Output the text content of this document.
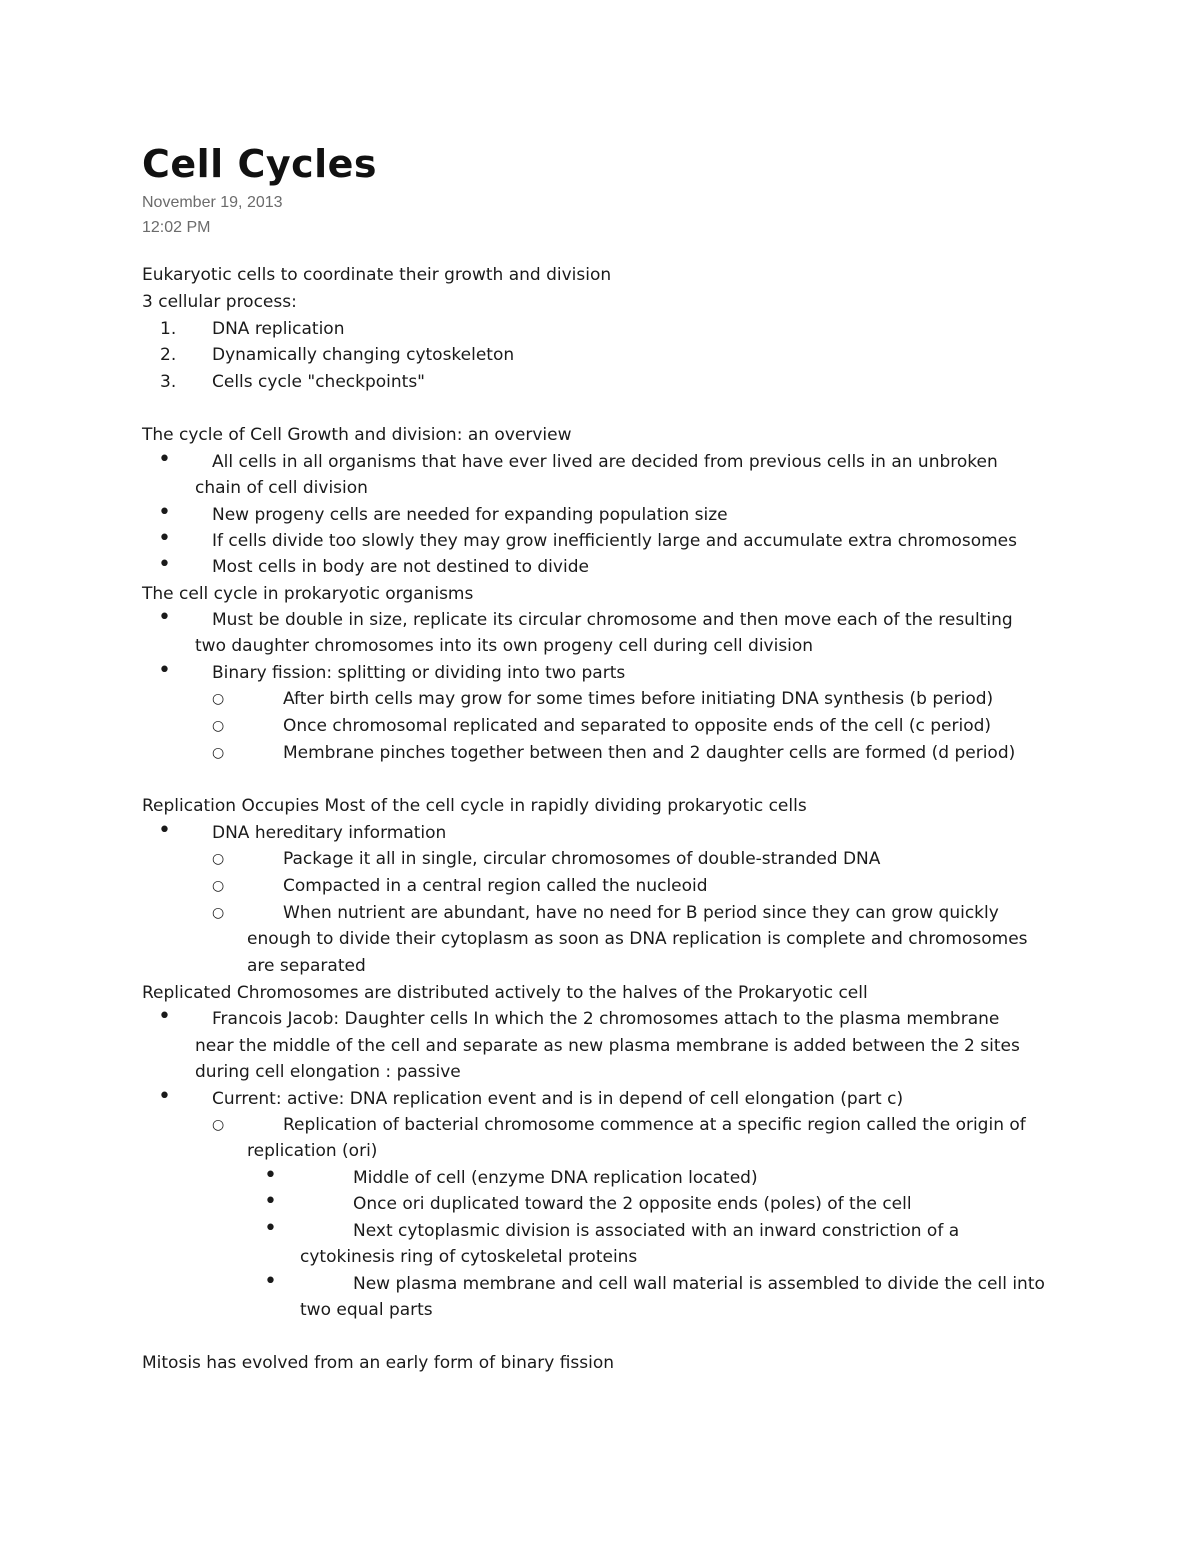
Cell Cycles
November 19, 2013
12:02 PM
Eukaryotic cells to coordinate their growth and division
3 cellular process:
1. DNA replication
2. Dynamically changing cytoskeleton
3. Cells cycle "checkpoints"
The cycle of Cell Growth and division: an overview
• All cells in all organisms that have ever lived are decided from previous cells in an unbroken
chain of cell division
• New progeny cells are needed for expanding population size
• If cells divide too slowly they may grow inefficiently large and accumulate extra chromosomes
• Most cells in body are not destined to divide
The cell cycle in prokaryotic organisms
• Must be double in size, replicate its circular chromosome and then move each of the resulting
two daughter chromosomes into its own progeny cell during cell division
• Binary fission: splitting or dividing into two parts
○	After birth cells may grow for some times before initiating DNA synthesis (b period)
○	Once chromosomal replicated and separated to opposite ends of the cell (c period)
○	Membrane pinches together between then and 2 daughter cells are formed (d period)
Replication Occupies Most of the cell cycle in rapidly dividing prokaryotic cells
• DNA hereditary information
○	Package it all in single, circular chromosomes of double-stranded DNA
○	Compacted in a central region called the nucleoid
○	When nutrient are abundant, have no need for B period since they can grow quickly
enough to divide their cytoplasm as soon as DNA replication is complete and chromosomes
are separated
Replicated Chromosomes are distributed actively to the halves of the Prokaryotic cell
• Francois Jacob: Daughter cells In which the 2 chromosomes attach to the plasma membrane
near the middle of the cell and separate as new plasma membrane is added between the 2 sites
during cell elongation : passive
• Current: active: DNA replication event and is in depend of cell elongation (part c)
○	Replication of bacterial chromosome commence at a specific region called the origin of
replication (ori)
•	Middle of cell (enzyme DNA replication located)
•	Once ori duplicated toward the 2 opposite ends (poles) of the cell
•	Next cytoplasmic division is associated with an inward constriction of a
cytokinesis ring of cytoskeletal proteins
•	New plasma membrane and cell wall material is assembled to divide the cell into
two equal parts
Mitosis has evolved from an early form of binary fission
